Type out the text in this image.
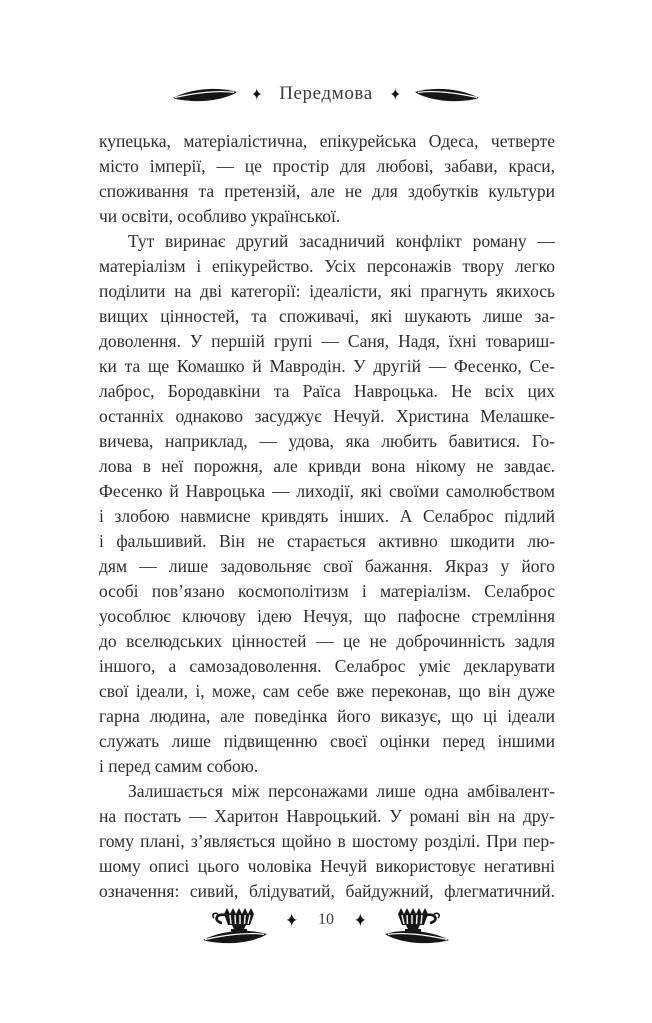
✦ Передмова ✦
купецька, матеріалістична, епікурейська Одеса, четверте
місто імперії, — це простір для любові, забави, краси,
споживання та претензій, але не для здобутків культури
чи освіти, особливо української.
Тут виринає другий засадничий конфлікт роману —
матеріалізм і епікурейство. Усіх персонажів твору легко
поділити на дві категорії: ідеалісти, які прагнуть якихось
вищих цінностей, та споживачі, які шукають лише за-
доволення. У першій групі — Саня, Надя, їхні товариш-
ки та ще Комашко й Мавродін. У другій — Фесенко, Се-
лаброс, Бородавкіни та Раїса Навроцька. Не всіх цих
останніх однаково засуджує Нечуй. Христина Мелашке-
вичева, наприклад, — удова, яка любить бавитися. Го-
лова в неї порожня, але кривди вона нікому не завдає.
Фесенко й Навроцька — лиходії, які своїми самолюбством
і злобою навмисне кривдять інших. А Селаброс підлий
і фальшивий. Він не старається активно шкодити лю-
дям — лише задовольняє свої бажання. Якраз у його
особі пов’язано космополітизм і матеріалізм. Селаброс
уособлює ключову ідею Нечуя, що пафосне стремління
до вселюдських цінностей — це не доброчинність задля
іншого, а самозадоволення. Селаброс уміє декларувати
свої ідеали, і, може, сам себе вже переконав, що він дуже
гарна людина, але поведінка його виказує, що ці ідеали
служать лише підвищенню своєї оцінки перед іншими
і перед самим собою.
Залишається між персонажами лише одна амбівалент-
на постать — Харитон Навроцький. У романі він на дру-
гому плані, з’являється щойно в шостому розділі. При пер-
шому описі цього чоловіка Нечуй використовує негативні
означення: сивий, блідуватий, байдужний, флегматичний.
✦ 10 ✦
